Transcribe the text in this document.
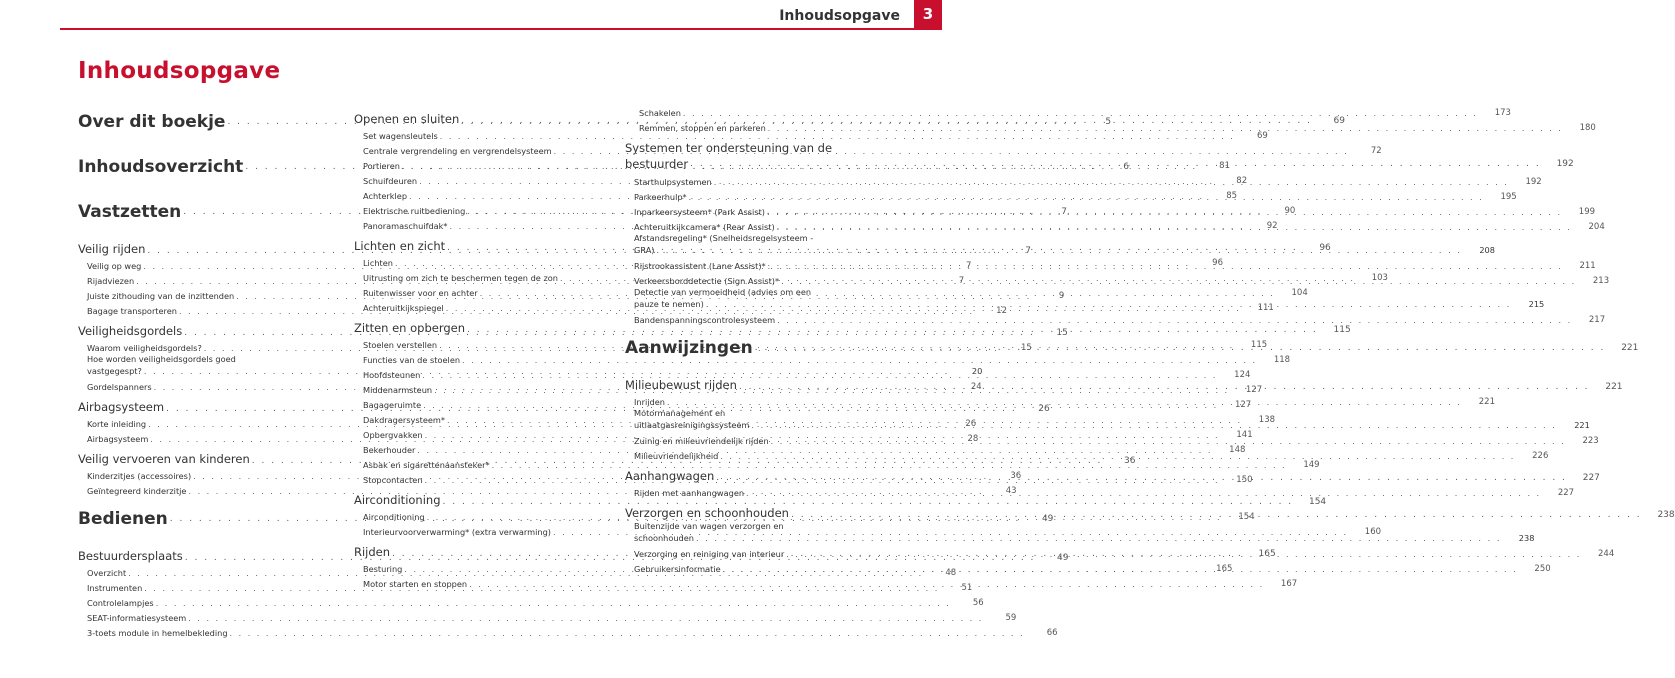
Inhoudsopgave	3
Inhoudsopgave
Over dit boekje . . .	5
Inhoudsoverzicht . . .	6
Vastzetten . . .	7
Veilig rijden . . .	7
Veilig op weg . . .	7
Rijadviezen . . .	7
Juiste zithouding van de inzittenden . . .	9
Bagage transporteren . . .	12
Veiligheidsgordels . . .	15
Waarom veiligheidsgordels? . . .	15
Hoe worden veiligheidsgordels goed
vastgegespt? . . .	20
Gordelspanners . . .	24
Airbagsysteem . . .	26
Korte inleiding . . .	26
Airbagsysteem . . .	28
Veilig vervoeren van kinderen . . .	36
Kinderzitjes (accessoires) . . .	36
Geïntegreerd kinderzitje . . .	43
Bedienen . . .	49
Bestuurdersplaats . . .	49
Overzicht . . .	48
Instrumenten . . .	51
Controlelampjes . . .	56
SEAT-informatiesysteem . . .	59
3-toets module in hemelbekleding . . .	66
Openen en sluiten . . .	69
Set wagensleutels . . .	69
Centrale vergrendeling en vergrendelsysteem . . .	72
Portieren . . .	81
Schuifdeuren . . .	82
Achterklep . . .	85
Elektrische ruitbediening . . .	90
Panoramaschuifdak* . . .	92
Lichten en zicht . . .	96
Lichten . . .	96
Uitrusting om zich te beschermen tegen de zon . . .	103
Ruitenwisser voor en achter . . .	104
Achteruitkijkspiegel . . .	111
Zitten en opbergen . . .	115
Stoelen verstellen . . .	115
Functies van de stoelen . . .	118
Hoofdsteunen . . .	124
Middenarmsteun . . .	127
Bagageruimte . . .	127
Dakdragersysteem* . . .	138
Opbergvakken . . .	141
Bekerhouder . . .	148
Asbak en sigarettenaansteker* . . .	149
Stopcontacten . . .	150
Airconditioning . . .	154
Airconditioning . . .	154
Interieurvoorverwarming* (extra verwarming) . . .	160
Rijden . . .	165
Besturing . . .	165
Motor starten en stoppen . . .	167
Schakelen . . .	173
Remmen, stoppen en parkeren . . .	180
Systemen ter ondersteuning van de
bestuurder . . .	192
Starthulpsystemen . . .	192
Parkeerhulp* . . .	195
Inparkeersysteem* (Park Assist) . . .	199
Achteruitkijkcamera* (Rear Assist) . . .	204
Afstandsregeling* (Snelheidsregelsysteem -
GRA) . . .	208
Rijstrookassistent (Lane Assist)* . . .	211
Verkeersborddetectie (Sign Assist)* . . .	213
Detectie van vermoeidheid (advies om een
pauze te nemen) . . .	215
Bandenspanningscontrolesysteem . . .	217
Aanwijzingen . . .	221
Milieubewust rijden . . .	221
Inrijden . . .	221
Motormanagement en
uitlaatgasreinigingssysteem . . .	221
Zuinig en milieuvriendelijk rijden . . .	223
Milieuvriendelijkheid . . .	226
Aanhangwagen . . .	227
Rijden met aanhangwagen . . .	227
Verzorgen en schoonhouden . . .	238
Buitenzijde van wagen verzorgen en
schoonhouden . . .	238
Verzorging en reiniging van interieur . . .	244
Gebruikersinformatie . . .	250
